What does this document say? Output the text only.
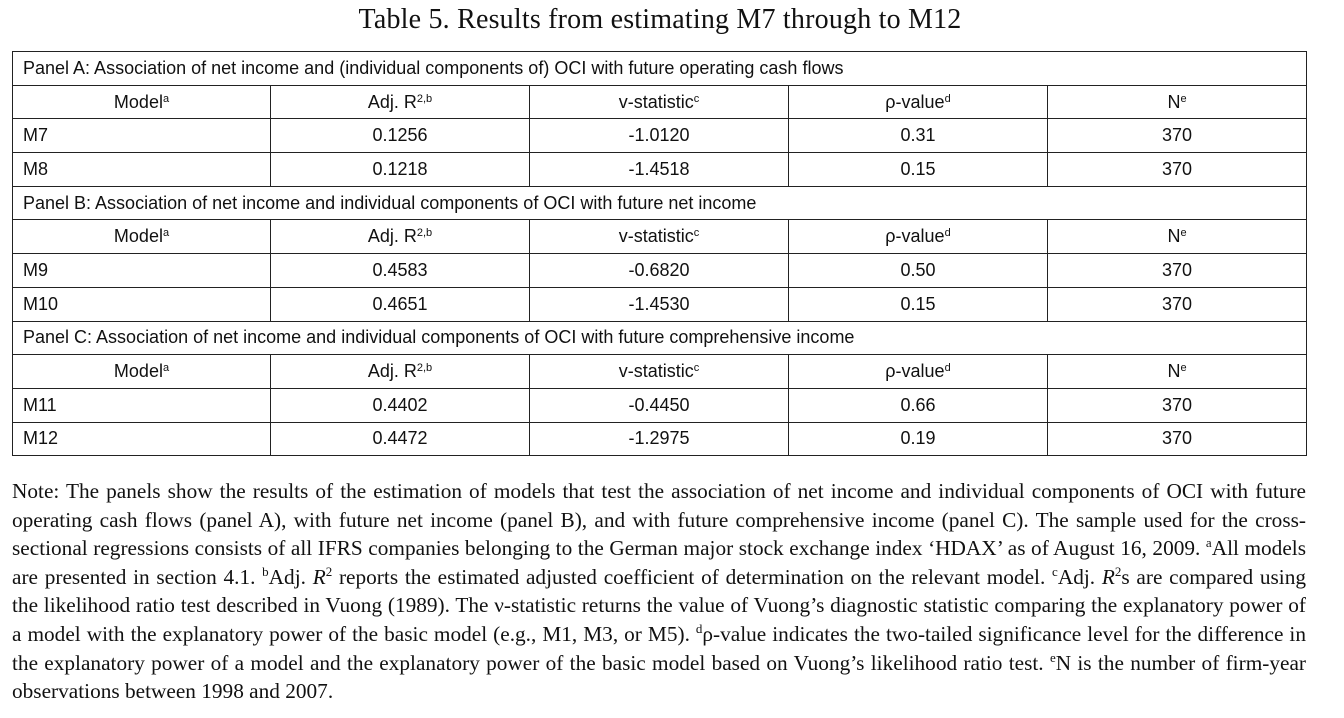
Table 5. Results from estimating M7 through to M12
Panel A: Association of net income and (individual components of) OCI with future operating cash flows				
Model$^a$	Adj. R$^{2,b}$	v-statistic$^c$	ρ-value$^d$	$N^e$
M7	0.1256	-1.0120	0.31	370
M8	0.1218	-1.4518	0.15	370
Panel B: Association of net income and individual components of OCI with future net income				
Model$^a$	Adj. R$^{2,b}$	v-statistic$^c$	ρ-value$^d$	$N^e$
M9	0.4583	-0.6820	0.50	370
M10	0.4651	-1.4530	0.15	370
Panel C: Association of net income and individual components of OCI with future comprehensive income				
Model$^a$	Adj. R$^{2,b}$	v-statistic$^c$	ρ-value$^d$	$N^e$
M11	0.4402	-0.4450	0.66	370
M12	0.4472	-1.2975	0.19	370
Note: The panels show the results of the estimation of models that test the association of net income and individual components of OCI with future operating cash flows (panel A), with future net income (panel B), and with future comprehensive income (panel C). The sample used for the cross-sectional regressions consists of all IFRS companies belonging to the German major stock exchange index ‘HDAX’ as of August 16, 2009. $^a$All models are presented in section 4.1. $^b$Adj. $R^2$ reports the estimated adjusted coefficient of determination on the relevant model. $^c$Adj. $R^2s$ are compared using the likelihood ratio test described in Vuong (1989). The ν-statistic returns the value of Vuong’s diagnostic statistic comparing the explanatory power of a model with the explanatory power of the basic model (e.g., M1, M3, or M5). $^d$ρ-value indicates the two-tailed significance level for the difference in the explanatory power of a model and the explanatory power of the basic model based on Vuong’s likelihood ratio test. $^e$N is the number of firm-year observations between 1998 and 2007.
